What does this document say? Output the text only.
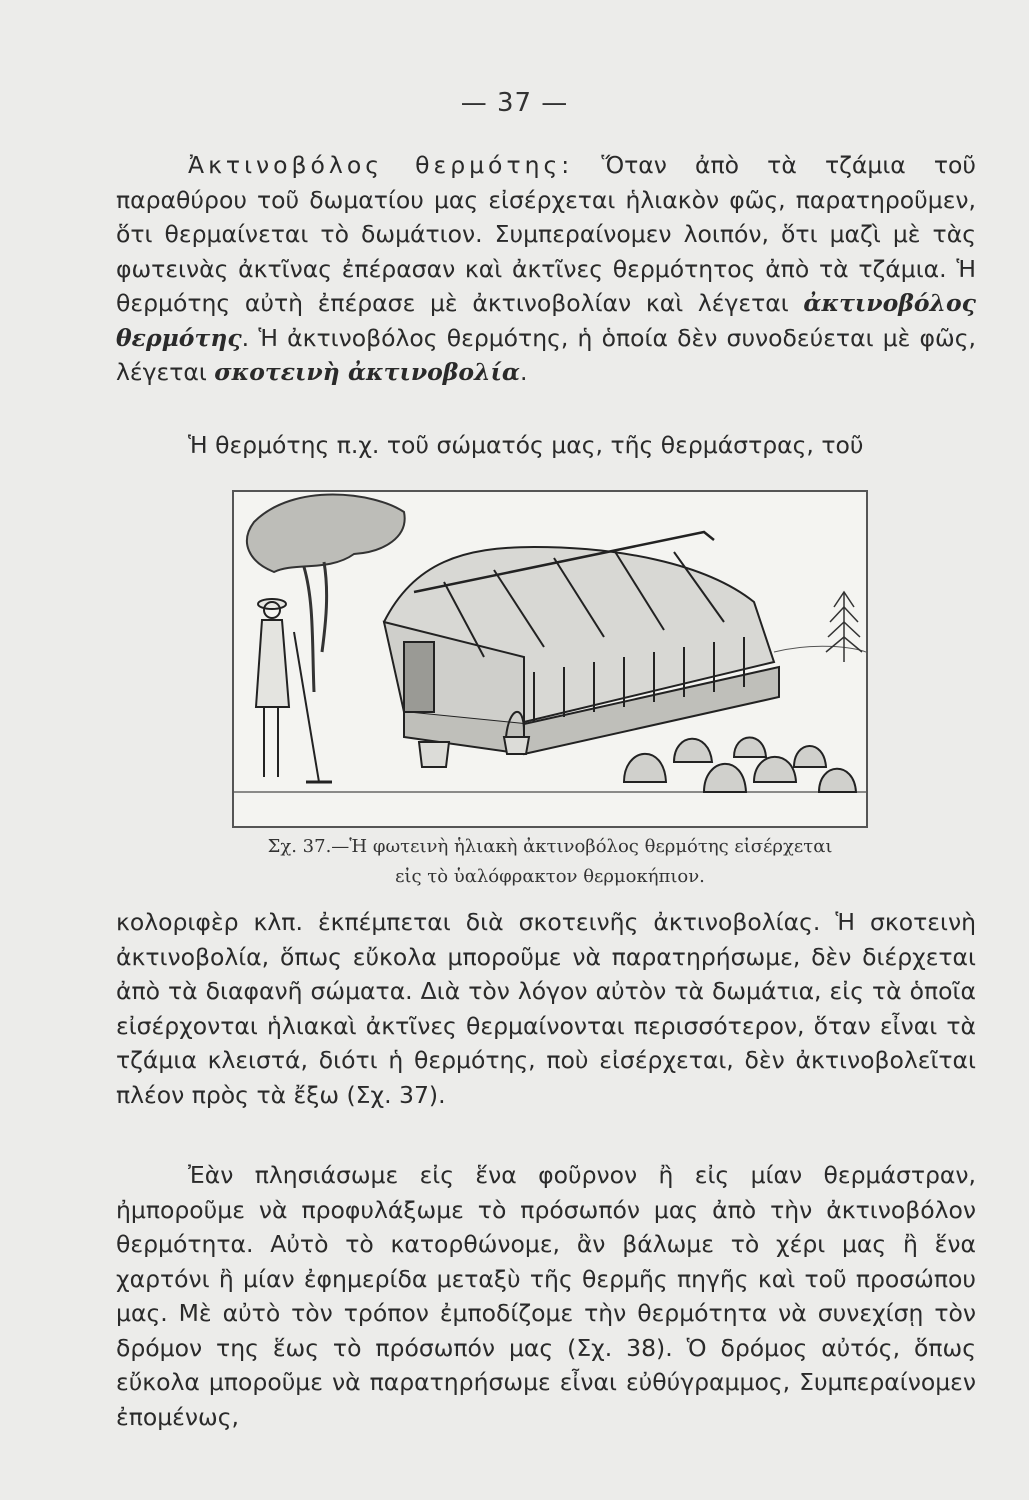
— 37 —

Ἀκτινοβόλος θερμότης: Ὅταν ἀπὸ τὰ τζάμια τοῦ παραθύρου τοῦ δωματίου μας εἰσέρχεται ἡλιακὸν φῶς, παρατηροῦμεν, ὅτι θερμαίνεται τὸ δωμάτιον. Συμπεραίνομεν λοιπόν, ὅτι μαζὶ μὲ τὰς φωτεινὰς ἀκτῖνας ἐπέρασαν καὶ ἀκτῖνες θερμότητος ἀπὸ τὰ τζάμια. Ἡ θερμότης αὐτὴ ἐπέρασε μὲ ἀκτινοβολίαν καὶ λέγεται ἀκτινοβόλος θερμότης. Ἡ ἀκτινοβόλος θερμότης, ἡ ὁποία δὲν συνοδεύεται μὲ φῶς, λέγεται σκοτεινὴ ἀκτινοβολία.

Ἡ θερμότης π.χ. τοῦ σώματός μας, τῆς θερμάστρας, τοῦ

Σχ. 37.—Ἡ φωτεινὴ ἡλιακὴ ἀκτινοβόλος θερμότης εἰσέρχεται
εἰς τὸ ὑαλόφρακτον θερμοκήπιον.

κολοριφὲρ κλπ. ἐκπέμπεται διὰ σκοτεινῆς ἀκτινοβολίας. Ἡ σκοτεινὴ ἀκτινοβολία, ὅπως εὔκολα μποροῦμε νὰ παρατηρήσωμε, δὲν διέρχεται ἀπὸ τὰ διαφανῆ σώματα. Διὰ τὸν λόγον αὐτὸν τὰ δωμάτια, εἰς τὰ ὁποῖα εἰσέρχονται ἡλιακαὶ ἀκτῖνες θερμαίνονται περισσότερον, ὅταν εἶναι τὰ τζάμια κλειστά, διότι ἡ θερμότης, ποὺ εἰσέρχεται, δὲν ἀκτινοβολεῖται πλέον πρὸς τὰ ἔξω (Σχ. 37).

Ἐὰν πλησιάσωμε εἰς ἕνα φοῦρνον ἢ εἰς μίαν θερμάστραν, ἠμποροῦμε νὰ προφυλάξωμε τὸ πρόσωπόν μας ἀπὸ τὴν ἀκτινοβόλον θερμότητα. Αὐτὸ τὸ κατορθώνομε, ἂν βάλωμε τὸ χέρι μας ἢ ἕνα χαρτόνι ἢ μίαν ἐφημερίδα μεταξὺ τῆς θερμῆς πηγῆς καὶ τοῦ προσώπου μας. Μὲ αὐτὸ τὸν τρόπον ἐμποδίζομε τὴν θερμότητα νὰ συνεχίσῃ τὸν δρόμον της ἕως τὸ πρόσωπόν μας (Σχ. 38). Ὁ δρόμος αὐτός, ὅπως εὔκολα μποροῦμε νὰ παρατηρήσωμε εἶναι εὐθύγραμμος, Συμπεραίνομεν ἐπομένως,
